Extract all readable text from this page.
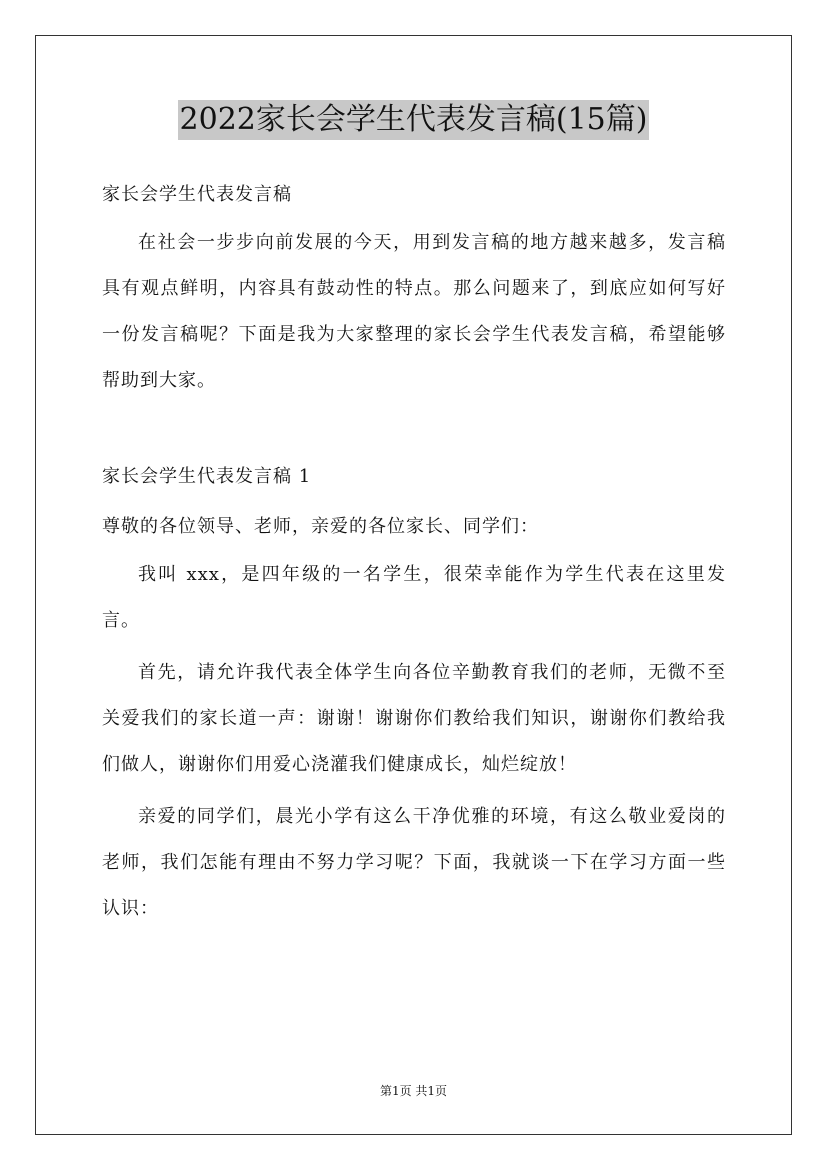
2022家长会学生代表发言稿(15篇)
家长会学生代表发言稿

在社会一步步向前发展的今天，用到发言稿的地方越来越多，发言稿具有观点鲜明，内容具有鼓动性的特点。那么问题来了，到底应如何写好一份发言稿呢？下面是我为大家整理的家长会学生代表发言稿，希望能够帮助到大家。

家长会学生代表发言稿 1
尊敬的各位领导、老师，亲爱的各位家长、同学们：

我叫 xxx，是四年级的一名学生，很荣幸能作为学生代表在这里发言。

首先，请允许我代表全体学生向各位辛勤教育我们的老师，无微不至关爱我们的家长道一声：谢谢！谢谢你们教给我们知识，谢谢你们教给我们做人，谢谢你们用爱心浇灌我们健康成长，灿烂绽放！

亲爱的同学们，晨光小学有这么干净优雅的环境，有这么敬业爱岗的老师，我们怎能有理由不努力学习呢？下面，我就谈一下在学习方面一些认识：

第1页 共1页
